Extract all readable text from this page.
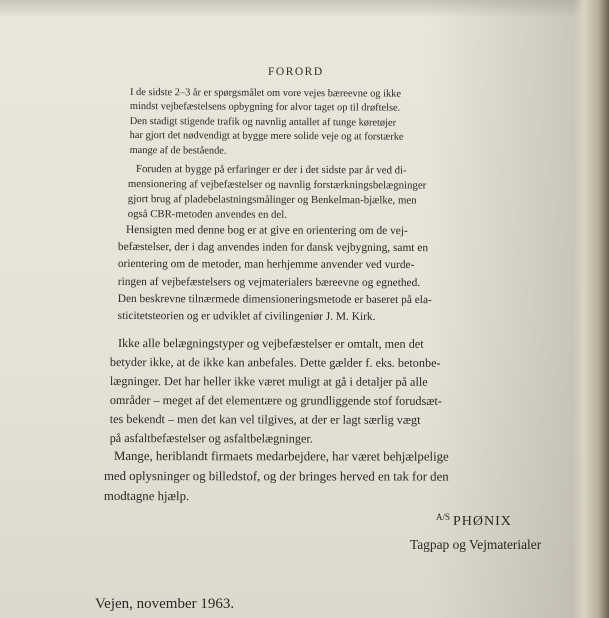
FORORD
I de sidste 2–3 år er spørgsmålet om vore vejes bæreevne og ikke
mindst vejbefæstelsens opbygning for alvor taget op til drøftelse.
Den stadigt stigende trafik og navnlig antallet af tunge køretøjer
har gjort det nødvendigt at bygge mere solide veje og at forstærke
mange af de bestående.
Foruden at bygge på erfaringer er der i det sidste par år ved di-
mensionering af vejbefæstelser og navnlig forstærkningsbelægninger
gjort brug af pladebelastningsmålinger og Benkelman-bjælke, men
også CBR-metoden anvendes en del.
Hensigten med denne bog er at give en orientering om de vej-
befæstelser, der i dag anvendes inden for dansk vejbygning, samt en
orientering om de metoder, man herhjemme anvender ved vurde-
ringen af vejbefæstelsers og vejmaterialers bæreevne og egnethed.
Den beskrevne tilnærmede dimensioneringsmetode er baseret på ela-
sticitetsteorien og er udviklet af civilingeniør J. M. Kirk.
Ikke alle belægningstyper og vejbefæstelser er omtalt, men det
betyder ikke, at de ikke kan anbefales. Dette gælder f. eks. betonbe-
lægninger. Det har heller ikke været muligt at gå i detaljer på alle
områder – meget af det elementære og grundliggende stof forudsæt-
tes bekendt – men det kan vel tilgives, at der er lagt særlig vægt
på asfaltbefæstelser og asfaltbelægninger.
Mange, heriblandt firmaets medarbejdere, har været behjælpelige
med oplysninger og billedstof, og der bringes herved en tak for den
modtagne hjælp.
$^{A/S}$ PHØNIX
Tagpap og Vejmaterialer
Vejen, november 1963.
